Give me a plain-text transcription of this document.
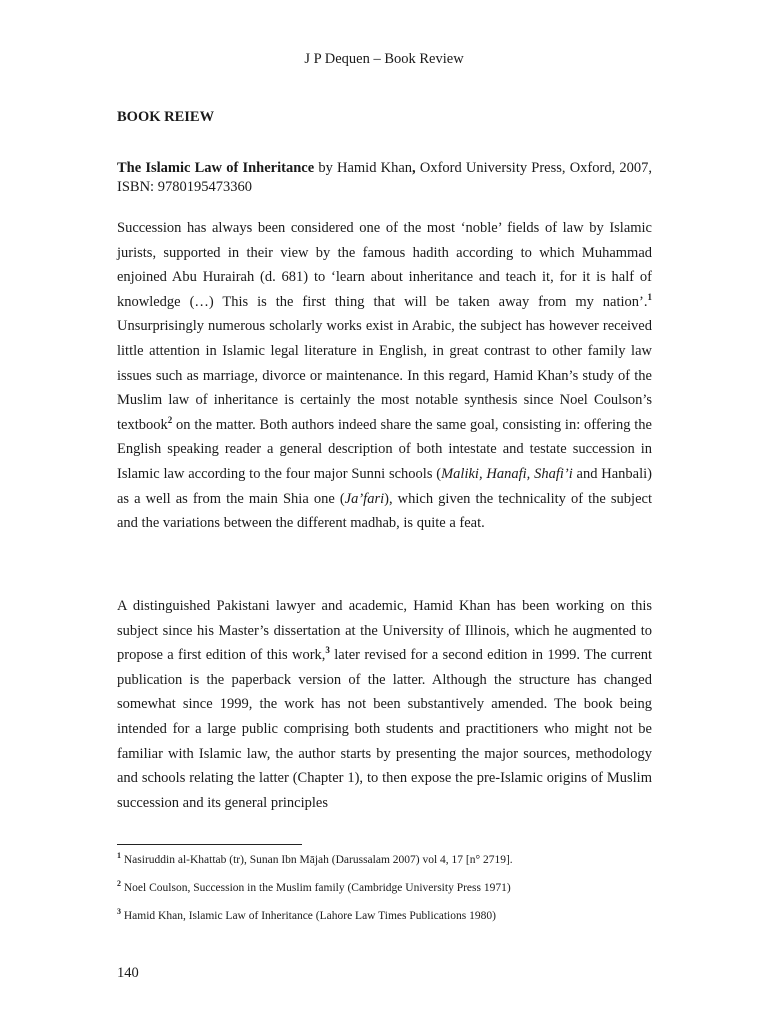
J P Dequen – Book Review
BOOK REIEW
The Islamic Law of Inheritance by Hamid Khan, Oxford University Press, Oxford, 2007, ISBN: 9780195473360
Succession has always been considered one of the most ‘noble’ fields of law by Islamic jurists, supported in their view by the famous hadith according to which Muhammad enjoined Abu Hurairah (d. 681) to ‘learn about inheritance and teach it, for it is half of knowledge (…) This is the first thing that will be taken away from my nation’.$^1$ Unsurprisingly numerous scholarly works exist in Arabic, the subject has however received little attention in Islamic legal literature in English, in great contrast to other family law issues such as marriage, divorce or maintenance. In this regard, Hamid Khan’s study of the Muslim law of inheritance is certainly the most notable synthesis since Noel Coulson’s textbook$^2$ on the matter. Both authors indeed share the same goal, consisting in: offering the English speaking reader a general description of both intestate and testate succession in Islamic law according to the four major Sunni schools (Maliki, Hanafi, Shafi’i and Hanbali) as a well as from the main Shia one (Ja’fari), which given the technicality of the subject and the variations between the different madhab, is quite a feat.
A distinguished Pakistani lawyer and academic, Hamid Khan has been working on this subject since his Master’s dissertation at the University of Illinois, which he augmented to propose a first edition of this work,$^3$ later revised for a second edition in 1999. The current publication is the paperback version of the latter. Although the structure has changed somewhat since 1999, the work has not been substantively amended. The book being intended for a large public comprising both students and practitioners who might not be familiar with Islamic law, the author starts by presenting the major sources, methodology and schools relating the latter (Chapter 1), to then expose the pre-Islamic origins of Muslim succession and its general principles
$^1$ Nasiruddin al-Khattab (tr), Sunan Ibn Mājah (Darussalam 2007) vol 4, 17 [n° 2719].
$^2$ Noel Coulson, Succession in the Muslim family (Cambridge University Press 1971)
$^3$ Hamid Khan, Islamic Law of Inheritance (Lahore Law Times Publications 1980)
140
